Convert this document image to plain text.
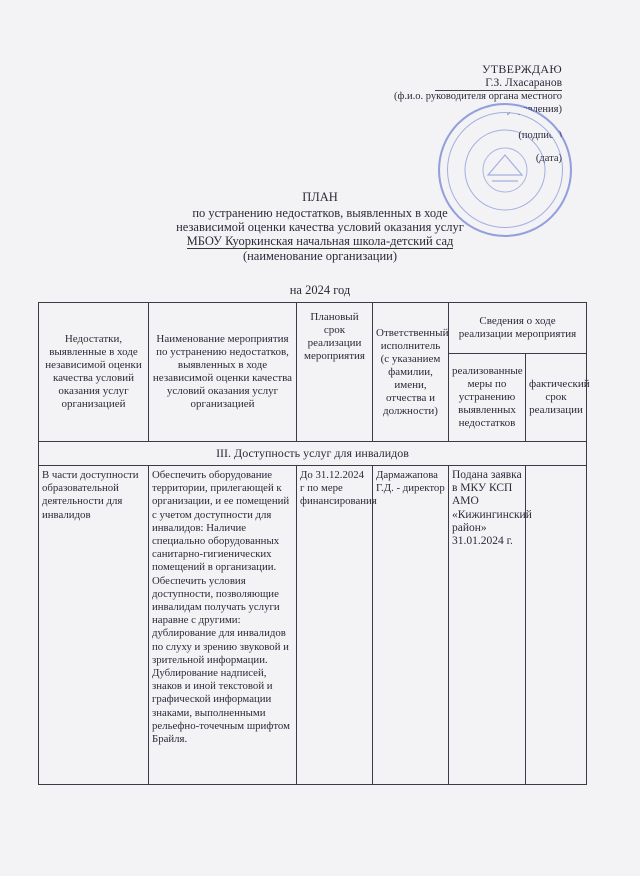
УТВЕРЖДАЮ
Г.З. Лхасаранов
(ф.и.о. руководителя органа местного самоуправления)
(подпись)
(дата)
ПЛАН
по устранению недостатков, выявленных в ходе
независимой оценки качества условий оказания услуг
МБОУ Куоркинская начальная школа-детский сад
(наименование организации)
на 2024 год
Недостатки, выявленные в ходе независимой оценки качества условий оказания услуг организацией	Наименование мероприятия по устранению недостатков, выявленных в ходе независимой оценки качества условий оказания услуг организацией	Плановый срок реализации мероприятия	Ответственный исполнитель (с указанием фамилии, имени, отчества и должности)	Сведения о ходе реализации мероприятия	
				реализованные меры по устранению выявленных недостатков	фактический срок реализации
III. Доступность услуг для инвалидов					
В части доступности образовательной деятельности для инвалидов	Обеспечить оборудование территории, прилегающей к организации, и ее помещений с учетом доступности для инвалидов: Наличие специально оборудованных санитарно-гигиенических помещений в организации. Обеспечить условия доступности, позволяющие инвалидам получать услуги наравне с другими: дублирование для инвалидов по слуху и зрению звуковой и зрительной информации. Дублирование надписей, знаков и иной текстовой и графической информации знаками, выполненными рельефно-точечным шрифтом Брайля.	До 31.12.2024 г по мере финансирования	Дармажапова Г.Д. - директор	Подана заявка в МКУ КСП АМО «Кижингинский район» 31.01.2024 г.	
